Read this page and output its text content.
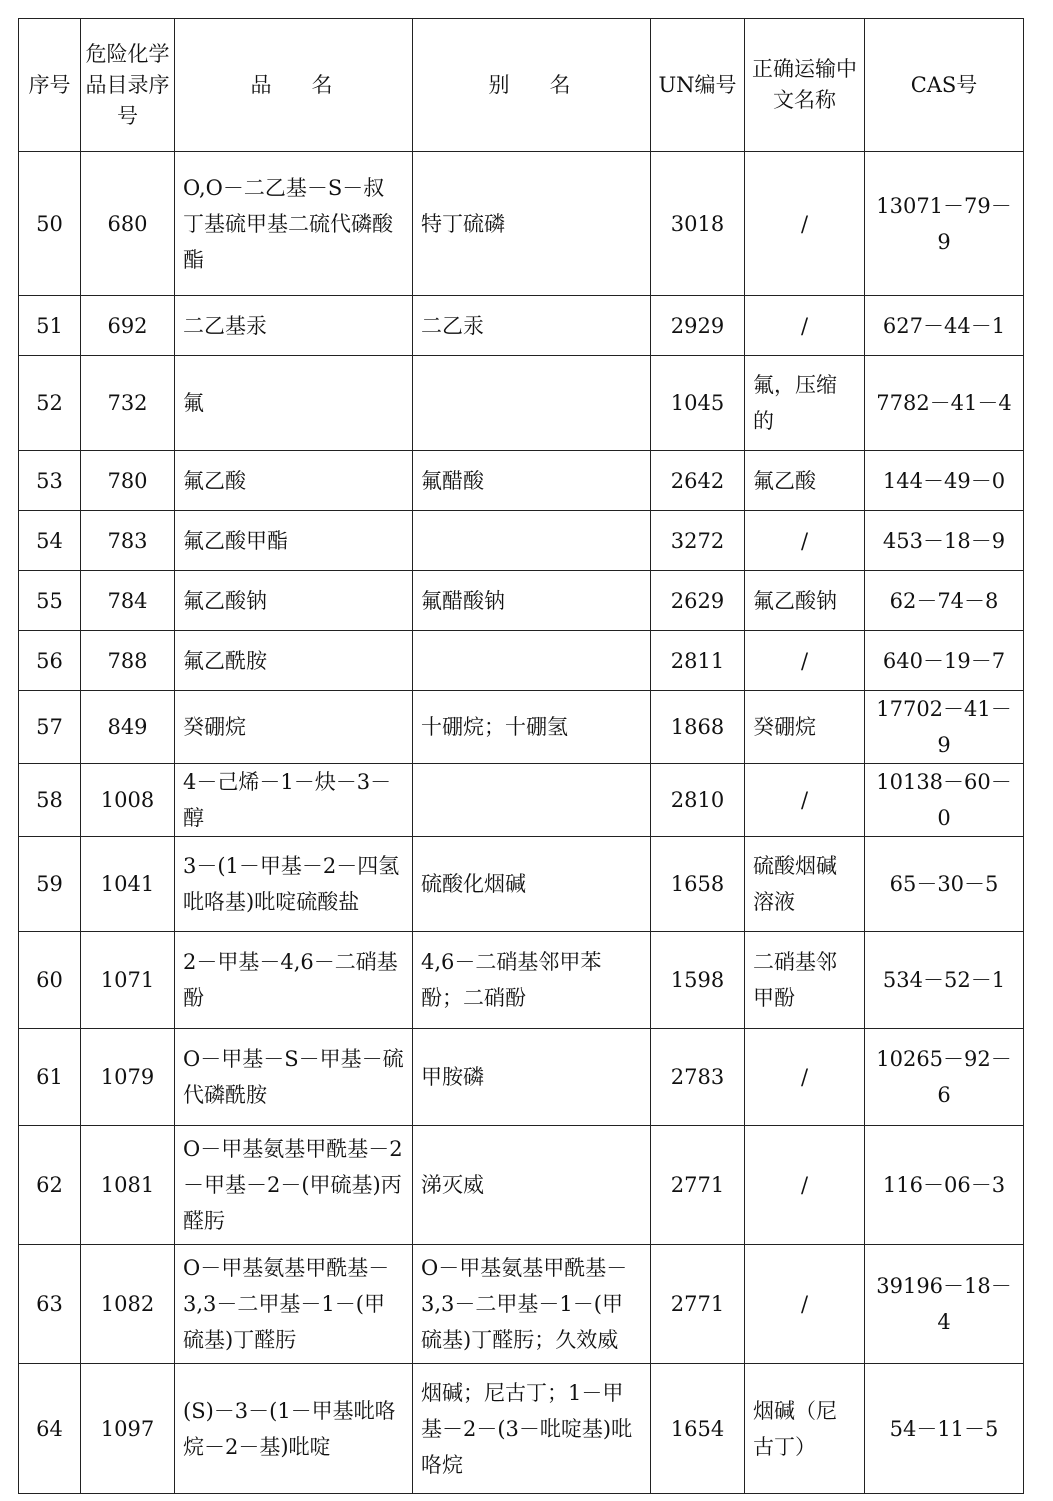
序号	危险化学品目录序号	品名	别名	UN编号	正确运输中文名称	CAS号
50	680	O,O－二乙基－S－叔丁基硫甲基二硫代磷酸酯	特丁硫磷	3018	/	13071－79－9
51	692	二乙基汞	二乙汞	2929	/	627－44－1
52	732	氟		1045	氟，压缩的	7782－41－4
53	780	氟乙酸	氟醋酸	2642	氟乙酸	144－49－0
54	783	氟乙酸甲酯		3272	/	453－18－9
55	784	氟乙酸钠	氟醋酸钠	2629	氟乙酸钠	62－74－8
56	788	氟乙酰胺		2811	/	640－19－7
57	849	癸硼烷	十硼烷；十硼氢	1868	癸硼烷	17702－41－9
58	1008	4－己烯－1－炔－3－醇		2810	/	10138－60－0
59	1041	3－(1－甲基－2－四氢吡咯基)吡啶硫酸盐	硫酸化烟碱	1658	硫酸烟碱溶液	65－30－5
60	1071	2－甲基－4,6－二硝基酚	4,6－二硝基邻甲苯酚；二硝酚	1598	二硝基邻甲酚	534－52－1
61	1079	O－甲基－S－甲基－硫代磷酰胺	甲胺磷	2783	/	10265－92－6
62	1081	O－甲基氨基甲酰基－2－甲基－2－(甲硫基)丙醛肟	涕灭威	2771	/	116－06－3
63	1082	O－甲基氨基甲酰基－3,3－二甲基－1－(甲硫基)丁醛肟	O－甲基氨基甲酰基－3,3－二甲基－1－(甲硫基)丁醛肟；久效威	2771	/	39196－18－4
64	1097	(S)－3－(1－甲基吡咯烷－2－基)吡啶	烟碱；尼古丁；1－甲基－2－(3－吡啶基)吡咯烷	1654	烟碱（尼古丁）	54－11－5
